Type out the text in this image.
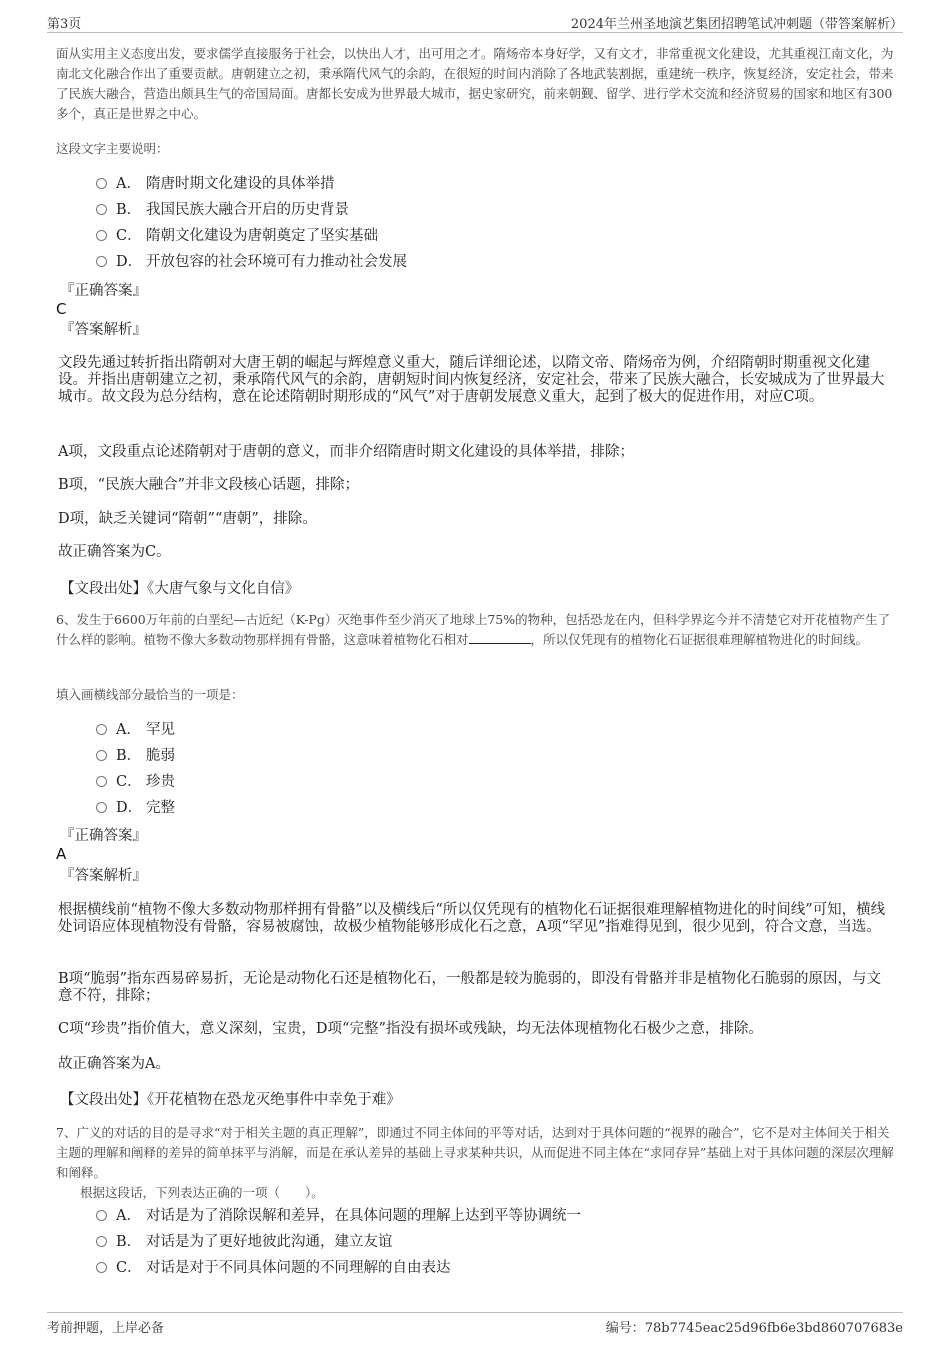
第3页	2024年兰州圣地演艺集团招聘笔试冲刺题（带答案解析）

面从实用主义态度出发，要求儒学直接服务于社会，以快出人才，出可用之才。隋炀帝本身好学，又有文才，非常重视文化建设，尤其重视江南文化，为南北文化融合作出了重要贡献。唐朝建立之初，秉承隋代风气的余韵，在很短的时间内消除了各地武装割据，重建统一秩序，恢复经济，安定社会，带来了民族大融合，营造出颇具生气的帝国局面。唐都长安成为世界最大城市，据史家研究，前来朝觐、留学、进行学术交流和经济贸易的国家和地区有300多个，真正是世界之中心。

这段文字主要说明：

A． 隋唐时期文化建设的具体举措
B． 我国民族大融合开启的历史背景
C． 隋朝文化建设为唐朝奠定了坚实基础
D． 开放包容的社会环境可有力推动社会发展
『正确答案』
C
『答案解析』

文段先通过转折指出隋朝对大唐王朝的崛起与辉煌意义重大，随后详细论述，以隋文帝、隋炀帝为例，介绍隋朝时期重视文化建设。并指出唐朝建立之初，秉承隋代风气的余韵，唐朝短时间内恢复经济，安定社会，带来了民族大融合，长安城成为了世界最大城市。故文段为总分结构，意在论述隋朝时期形成的“风气”对于唐朝发展意义重大，起到了极大的促进作用，对应C项。

A项，文段重点论述隋朝对于唐朝的意义，而非介绍隋唐时期文化建设的具体举措，排除；

B项，“民族大融合”并非文段核心话题，排除；

D项，缺乏关键词“隋朝”“唐朝”，排除。

故正确答案为C。

【文段出处】《大唐气象与文化自信》

6、发生于6600万年前的白垩纪—古近纪（K-Pg）灭绝事件至少消灭了地球上75%的物种，包括恐龙在内，但科学界迄今并不清楚它对开花植物产生了什么样的影响。植物不像大多数动物那样拥有骨骼，这意味着植物化石相对	，所以仅凭现有的植物化石证据很难理解植物进化的时间线。

填入画横线部分最恰当的一项是：

A． 罕见
B． 脆弱
C． 珍贵
D． 完整
『正确答案』
A
『答案解析』

根据横线前“植物不像大多数动物那样拥有骨骼”以及横线后“所以仅凭现有的植物化石证据很难理解植物进化的时间线”可知，横线处词语应体现植物没有骨骼，容易被腐蚀，故极少植物能够形成化石之意，A项“罕见”指难得见到，很少见到，符合文意，当选。

B项“脆弱”指东西易碎易折，无论是动物化石还是植物化石，一般都是较为脆弱的，即没有骨骼并非是植物化石脆弱的原因，与文意不符，排除；

C项“珍贵”指价值大，意义深刻，宝贵，D项“完整”指没有损坏或残缺，均无法体现植物化石极少之意，排除。

故正确答案为A。

【文段出处】《开花植物在恐龙灭绝事件中幸免于难》

7、广义的对话的目的是寻求“对于相关主题的真正理解”，即通过不同主体间的平等对话，达到对于具体问题的“视界的融合”，它不是对主体间关于相关主题的理解和阐释的差异的简单抹平与消解，而是在承认差异的基础上寻求某种共识，从而促进不同主体在“求同存异”基础上对于具体问题的深层次理解和阐释。

根据这段话，下列表达正确的一项（　　）。

A． 对话是为了消除误解和差异，在具体问题的理解上达到平等协调统一
B． 对话是为了更好地彼此沟通，建立友谊
C． 对话是对于不同具体问题的不同理解的自由表达
考前押题，上岸必备	编号：78b7745eac25d96fb6e3bd860707683e
